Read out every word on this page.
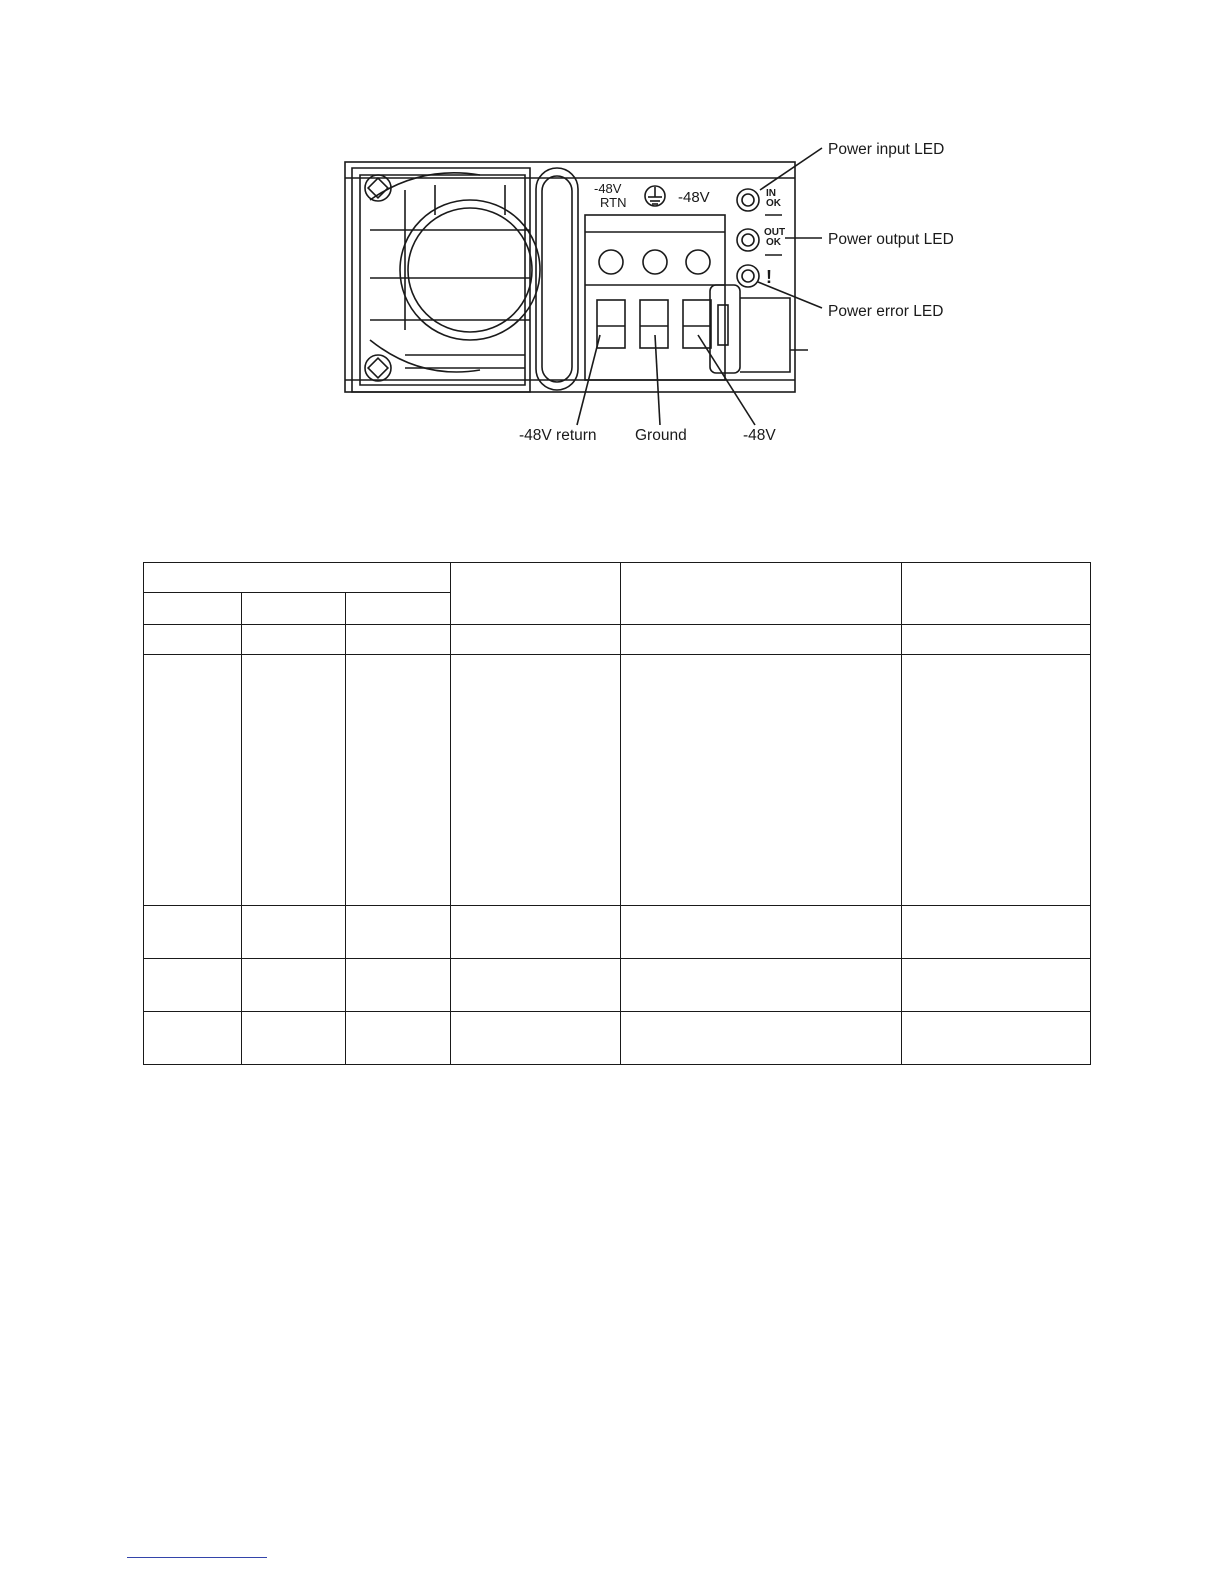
-48V
RTN	-48V	IN
OK
OUT
OK
!
Power input LED
Power output LED
Power error LED
-48V return Ground	-48V
